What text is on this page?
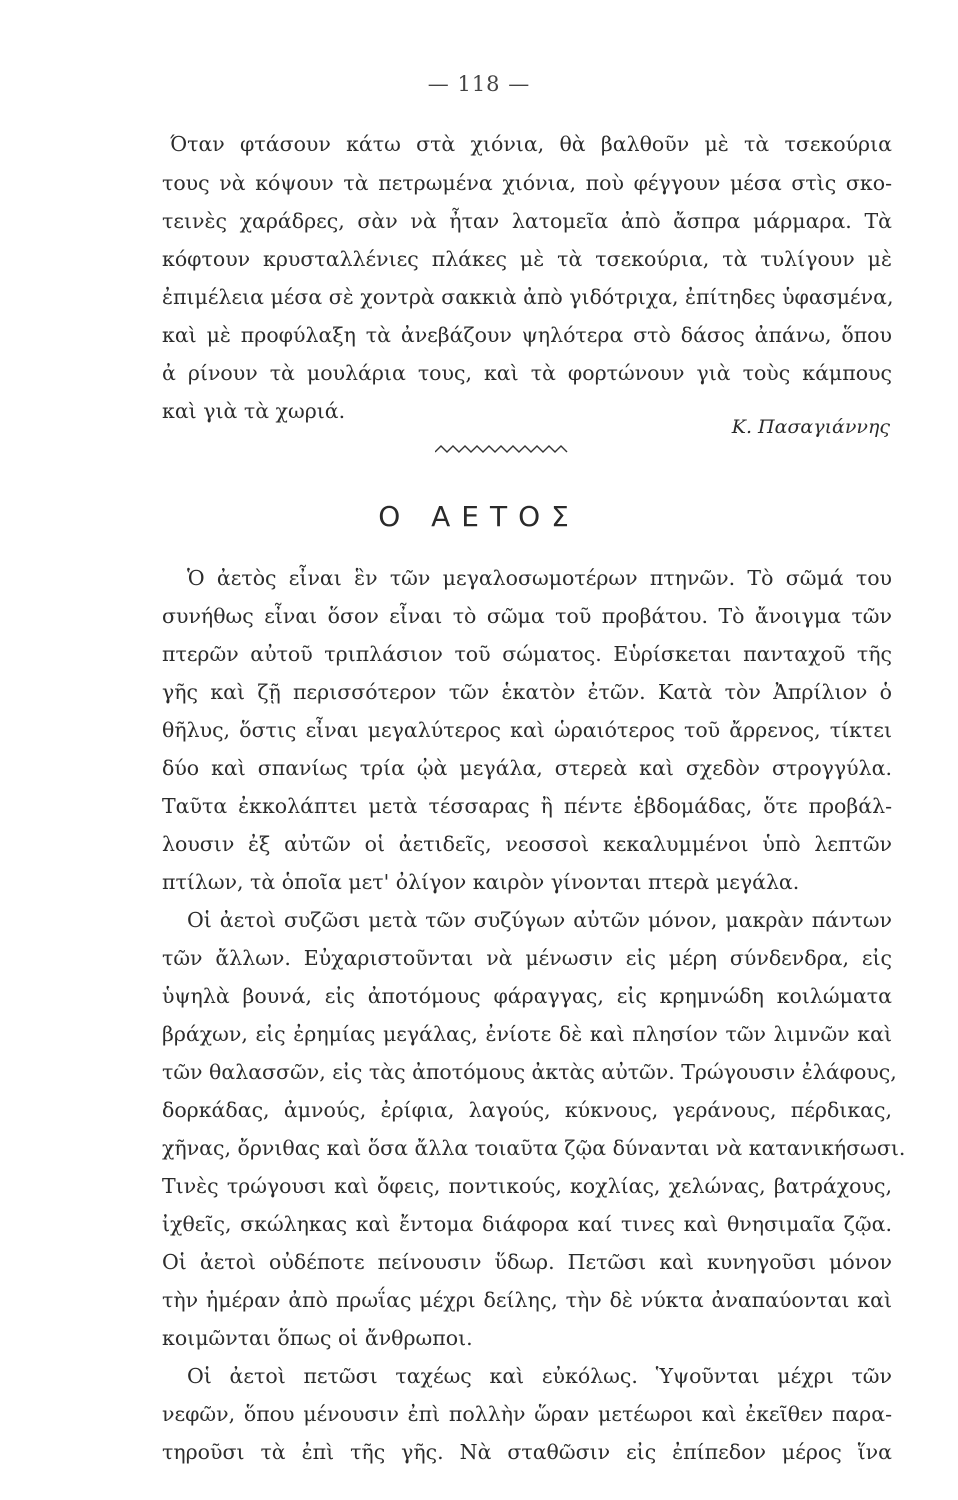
— 118 —
Όταν φτάσουν κάτω στὰ χιόνια, θὰ βαλθοῦν μὲ τὰ τσεκούρια
τους νὰ κόψουν τὰ πετρωμένα χιόνια, ποὺ φέγγουν μέσα στὶς σκο-
τεινὲς χαράδρες, σὰν νὰ ἦταν λατομεῖα ἀπὸ ἄσπρα μάρμαρα. Τὰ
κόφτουν κρυσταλλένιες πλάκες μὲ τὰ τσεκούρια, τὰ τυλίγουν μὲ
ἐπιμέλεια μέσα σὲ χοντρὰ σακκιὰ ἀπὸ γιδότριχα, ἐπίτηδες ὑφασμένα,
καὶ μὲ προφύλαξη τὰ ἀνεβάζουν ψηλότερα στὸ δάσος ἀπάνω, ὅπου
ἀ ρίνουν τὰ μουλάρια τους, καὶ τὰ φορτώνουν γιὰ τοὺς κάμπους
καὶ γιὰ τὰ χωριά.
Κ. Πασαγιάννης
Ο ΑΕΤΟΣ
Ὁ ἀετὸς εἶναι ἓν τῶν μεγαλοσωμοτέρων πτηνῶν. Τὸ σῶμά του
συνήθως εἶναι ὅσον εἶναι τὸ σῶμα τοῦ προβάτου. Τὸ ἄνοιγμα τῶν
πτερῶν αὐτοῦ τριπλάσιον τοῦ σώματος. Εὑρίσκεται πανταχοῦ τῆς
γῆς καὶ ζῇ περισσότερον τῶν ἑκατὸν ἐτῶν. Κατὰ τὸν Ἀπρίλιον ὁ
θῆλυς, ὅστις εἶναι μεγαλύτερος καὶ ὡραιότερος τοῦ ἄρρενος, τίκτει
δύο καὶ σπανίως τρία ᾠὰ μεγάλα, στερεὰ καὶ σχεδὸν στρογγύλα.
Ταῦτα ἐκκολάπτει μετὰ τέσσαρας ἢ πέντε ἑβδομάδας, ὅτε προβάλ-
λουσιν ἐξ αὐτῶν οἱ ἀετιδεῖς, νεοσσοὶ κεκαλυμμένοι ὑπὸ λεπτῶν
πτίλων, τὰ ὁποῖα μετ' ὀλίγον καιρὸν γίνονται πτερὰ μεγάλα.
Οἱ ἀετοὶ συζῶσι μετὰ τῶν συζύγων αὐτῶν μόνον, μακρὰν πάντων
τῶν ἄλλων. Εὐχαριστοῦνται νὰ μένωσιν εἰς μέρη σύνδενδρα, εἰς
ὑψηλὰ βουνά, εἰς ἀποτόμους φάραγγας, εἰς κρημνώδη κοιλώματα
βράχων, εἰς ἐρημίας μεγάλας, ἐνίοτε δὲ καὶ πλησίον τῶν λιμνῶν καὶ
τῶν θαλασσῶν, εἰς τὰς ἀποτόμους ἀκτὰς αὐτῶν. Τρώγουσιν ἐλάφους,
δορκάδας, ἀμνούς, ἐρίφια, λαγούς, κύκνους, γεράνους, πέρδικας,
χῆνας, ὄρνιθας καὶ ὅσα ἄλλα τοιαῦτα ζῷα δύνανται νὰ κατανικήσωσι.
Τινὲς τρώγουσι καὶ ὄφεις, ποντικούς, κοχλίας, χελώνας, βατράχους,
ἰχθεῖς, σκώληκας καὶ ἔντομα διάφορα καί τινες καὶ θνησιμαῖα ζῷα.
Οἱ ἀετοὶ οὐδέποτε πείνουσιν ὕδωρ. Πετῶσι καὶ κυνηγοῦσι μόνον
τὴν ἡμέραν ἀπὸ πρωΐας μέχρι δείλης, τὴν δὲ νύκτα ἀναπαύονται καὶ
κοιμῶνται ὅπως οἱ ἄνθρωποι.
Οἱ ἀετοὶ πετῶσι ταχέως καὶ εὐκόλως. Ὑψοῦνται μέχρι τῶν
νεφῶν, ὅπου μένουσιν ἐπὶ πολλὴν ὥραν μετέωροι καὶ ἐκεῖθεν παρα-
τηροῦσι τὰ ἐπὶ τῆς γῆς. Νὰ σταθῶσιν εἰς ἐπίπεδον μέρος ἵνα
